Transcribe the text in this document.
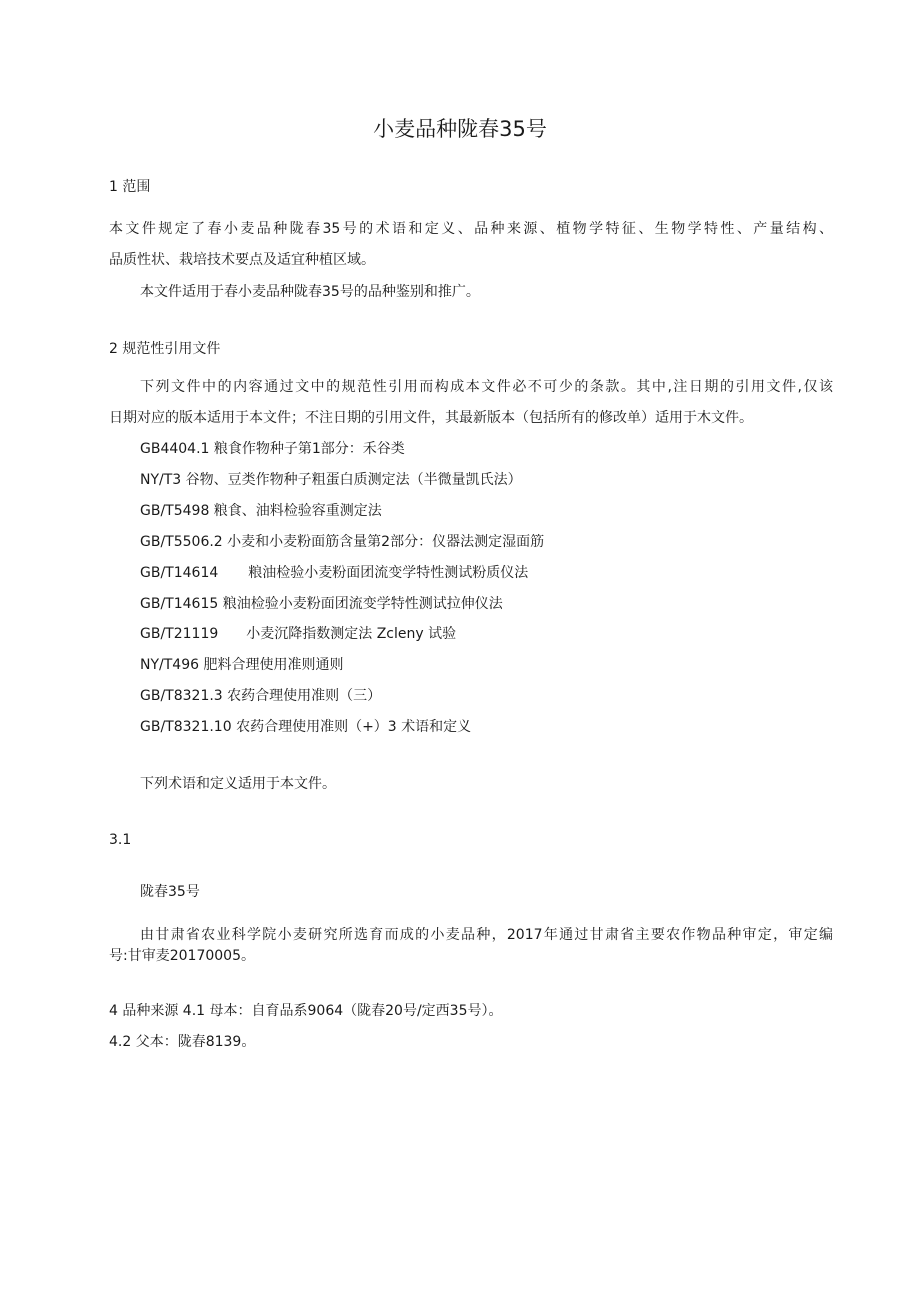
小麦品种陇春35号
1 范围
本文件规定了春小麦品种陇春35号的术语和定义、品种来源、植物学特征、生物学特性、产量结构、
品质性状、栽培技术要点及适宜种植区域。
本文件适用于春小麦品种陇春35号的品种鉴别和推广。
2 规范性引用文件
下列文件中的内容通过文中的规范性引用而构成本文件必不可少的条款。其中,注日期的引用文件,仅该
日期对应的版本适用于本文件；不注日期的引用文件，其最新版本（包括所有的修改单）适用于木文件。
GB4404.1 粮食作物种子第1部分：禾谷类
NY/T3 谷物、豆类作物种子粗蛋白质测定法（半微量凯氏法）
GB/T5498 粮食、油料检验容重测定法
GB/T5506.2 小麦和小麦粉面筋含量第2部分：仪器法测定湿面筋
GB/T14614 粮油检验小麦粉面团流变学特性测试粉质仪法
GB/T14615 粮油检验小麦粉面团流变学特性测试拉伸仪法
GB/T21119 小麦沉降指数测定法 Zcleny 试验
NY/T496 肥料合理使用准则通则
GB/T8321.3 农药合理使用准则（三）
GB/T8321.10 农药合理使用准则（+）3 术语和定义
下列术语和定义适用于本文件。
3.1
陇春35号
由甘肃省农业科学院小麦研究所选育而成的小麦品种，2017年通过甘肃省主要农作物品种审定，审定编
号:甘审麦20170005。
4 品种来源 4.1 母本：自育品系9064（陇春20号/定西35号）。
4.2 父本：陇春8139。
